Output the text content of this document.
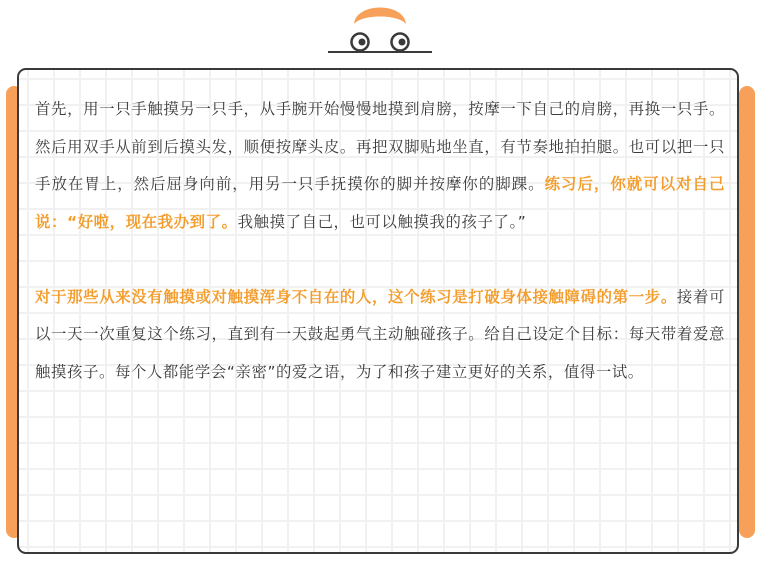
首先，用一只手触摸另一只手，从手腕开始慢慢地摸到肩膀，按摩一下自己的肩膀，再换一只手。然后用双手从前到后摸头发，顺便按摩头皮。再把双脚贴地坐直，有节奏地拍拍腿。也可以把一只手放在胃上，然后屈身向前，用另一只手抚摸你的脚并按摩你的脚踝。练习后，你就可以对自己说：“好啦，现在我办到了。我触摸了自己，也可以触摸我的孩子了。”

对于那些从来没有触摸或对触摸浑身不自在的人，这个练习是打破身体接触障碍的第一步。接着可以一天一次重复这个练习，直到有一天鼓起勇气主动触碰孩子。给自己设定个目标：每天带着爱意触摸孩子。每个人都能学会“亲密”的爱之语，为了和孩子建立更好的关系，值得一试。
